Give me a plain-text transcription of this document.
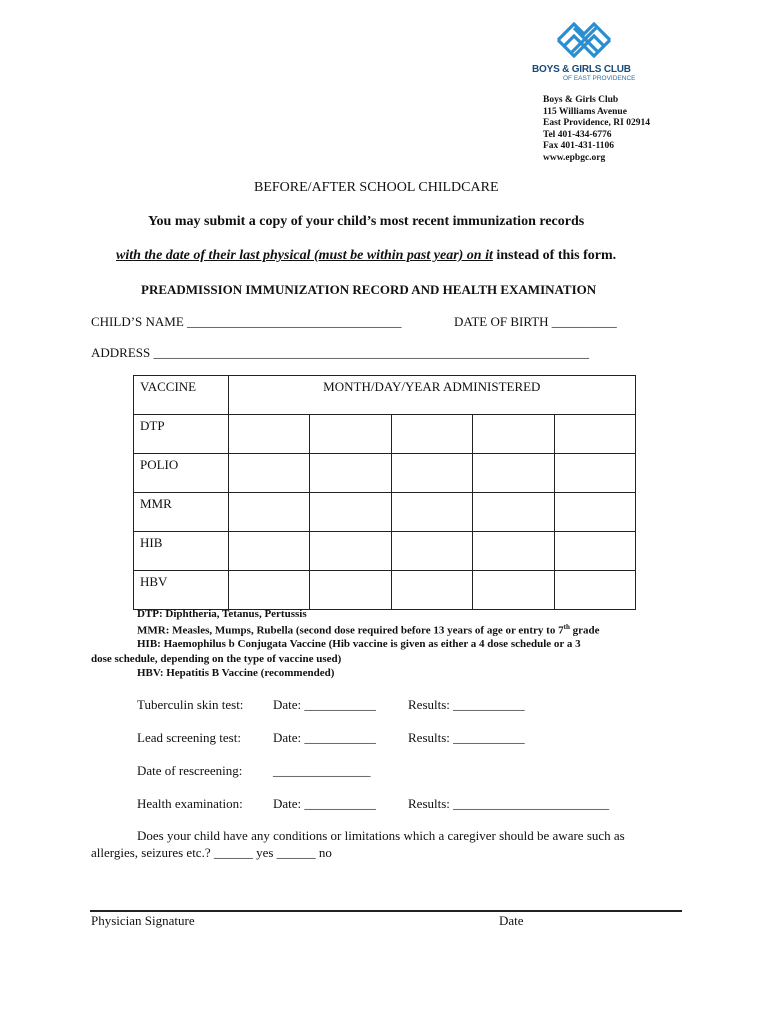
BOYS & GIRLS CLUB
OF EAST PROVIDENCE
Boys & Girls Club
115 Williams Avenue
East Providence, RI 02914
Tel 401-434-6776
Fax 401-431-1106
www.epbgc.org
BEFORE/AFTER SCHOOL CHILDCARE
You may submit a copy of your child’s most recent immunization records
with the date of their last physical (must be within past year) on it instead of this form.
PREADMISSION IMMUNIZATION RECORD AND HEALTH EXAMINATION
CHILD’S NAME _________________________________	DATE OF BIRTH __________
ADDRESS ___________________________________________________________________
VACCINE	MONTH/DAY/YEAR ADMINISTERED				
DTP					
POLIO					
MMR					
HIB					
HBV					
DTP: Diphtheria, Tetanus, Pertussis
MMR: Measles, Mumps, Rubella (second dose required before 13 years of age or entry to 7th grade
HIB: Haemophilus b Conjugata Vaccine (Hib vaccine is given as either a 4 dose schedule or a 3
dose schedule, depending on the type of vaccine used)
HBV: Hepatitis B Vaccine (recommended)
Tuberculin skin test: Date: ___________ Results: ___________
Lead screening test: Date: ___________ Results: ___________
Date of rescreening: _______________
Health examination: Date: ___________ Results: ________________________
Does your child have any conditions or limitations which a caregiver should be aware such as
allergies, seizures etc.? ______ yes ______ no
Physician Signature	Date
